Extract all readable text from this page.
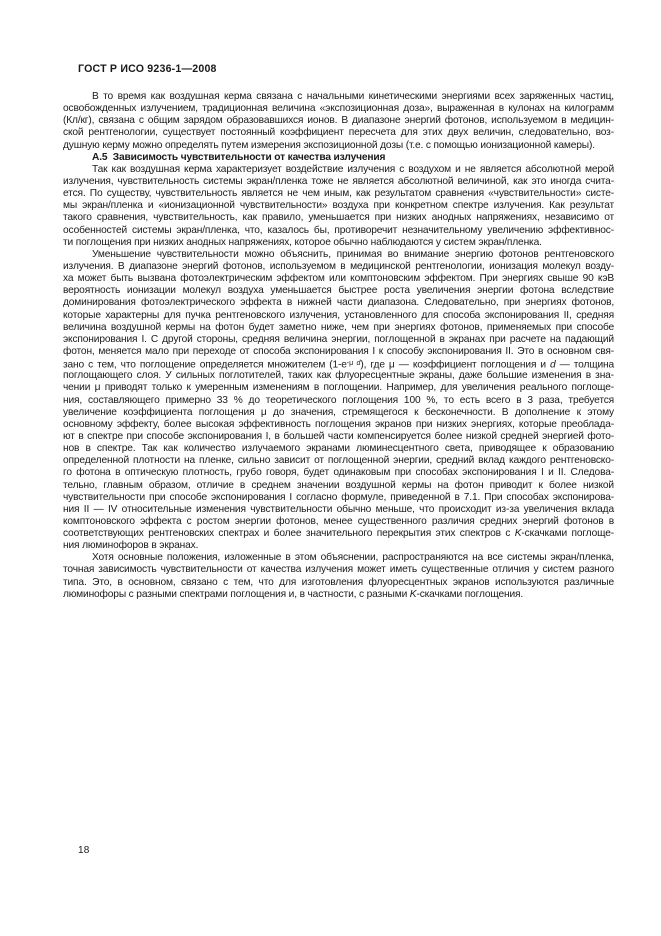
ГОСТ Р ИСО 9236-1—2008
В то время как воздушная керма связана с начальными кинетическими энергиями всех заряженных частиц,
освобожденных излучением, традиционная величина «экспозиционная доза», выраженная в кулонах на килограмм
(Кл/кг), связана с общим зарядом образовавшихся ионов. В диапазоне энергий фотонов, используемом в медицин-
ской рентгенологии, существует постоянный коэффициент пересчета для этих двух величин, следовательно, воз-
душную керму можно определять путем измерения экспозиционной дозы (т.е. с помощью ионизационной камеры).
А.5  Зависимость чувствительности от качества излучения
Так как воздушная керма характеризует воздействие излучения с воздухом и не является абсолютной мерой
излучения, чувствительность системы экран/пленка тоже не является абсолютной величиной, как это иногда счита-
ется. По существу, чувствительность является не чем иным, как результатом сравнения «чувствительности» систе-
мы экран/пленка и «ионизационной чувствительности» воздуха при конкретном спектре излучения. Как результат
такого сравнения, чувствительность, как правило, уменьшается при низких анодных напряжениях, независимо от
особенностей системы экран/пленка, что, казалось бы, противоречит незначительному увеличению эффективнос-
ти поглощения при низких анодных напряжениях, которое обычно наблюдаются у систем экран/пленка.
Уменьшение чувствительности можно объяснить, принимая во внимание энергию фотонов рентгеновского
излучения. В диапазоне энергий фотонов, используемом в медицинской рентгенологии, ионизация молекул возду-
ха может быть вызвана фотоэлектрическим эффектом или комптоновским эффектом. При энергиях свыше 90 кэВ
вероятность ионизации молекул воздуха уменьшается быстрее роста увеличения энергии фотона вследствие
доминирования фотоэлектрического эффекта в нижней части диапазона. Следовательно, при энергиях фотонов,
которые характерны для пучка рентгеновского излучения, установленного для способа экспонирования II, средняя
величина воздушной кермы на фотон будет заметно ниже, чем при энергиях фотонов, применяемых при способе
экспонирования I. С другой стороны, средняя величина энергии, поглощенной в экранах при расчете на падающий
фотон, меняется мало при переходе от способа экспонирования I к способу экспонирования II. Это в основном свя-
зано с тем, что поглощение определяется множителем ($1-e^{-\mu}$ $^d$), где μ — коэффициент поглощения и d — толщина
поглощающего слоя. У сильных поглотителей, таких как флуоресцентные экраны, даже большие изменения в зна-
чении μ приводят только к умеренным изменениям в поглощении. Например, для увеличения реального поглоще-
ния, составляющего примерно 33 % до теоретического поглощения 100 %, то есть всего в 3 раза, требуется
увеличение коэффициента поглощения μ до значения, стремящегося к бесконечности. В дополнение к этому
основному эффекту, более высокая эффективность поглощения экранов при низких энергиях, которые преоблада-
ют в спектре при способе экспонирования I, в большей части компенсируется более низкой средней энергией фото-
нов в спектре. Так как количество излучаемого экранами люминесцентного света, приводящее к образованию
определенной плотности на пленке, сильно зависит от поглощенной энергии, средний вклад каждого рентгеновско-
го фотона в оптическую плотность, грубо говоря, будет одинаковым при способах экспонирования I и II. Следова-
тельно, главным образом, отличие в среднем значении воздушной кермы на фотон приводит к более низкой
чувствительности при способе экспонирования I согласно формуле, приведенной в 7.1. При способах экспонирова-
ния II — IV относительные изменения чувствительности обычно меньше, что происходит из-за увеличения вклада
комптоновского эффекта с ростом энергии фотонов, менее существенного различия средних энергий фотонов в
соответствующих рентгеновских спектрах и более значительного перекрытия этих спектров с K-скачками поглоще-
ния люминофоров в экранах.
Хотя основные положения, изложенные в этом объяснении, распространяются на все системы экран/пленка,
точная зависимость чувствительности от качества излучения может иметь существенные отличия у систем разного
типа. Это, в основном, связано с тем, что для изготовления флуоресцентных экранов используются различные
люминофоры с разными спектрами поглощения и, в частности, с разными K-скачками поглощения.
18
